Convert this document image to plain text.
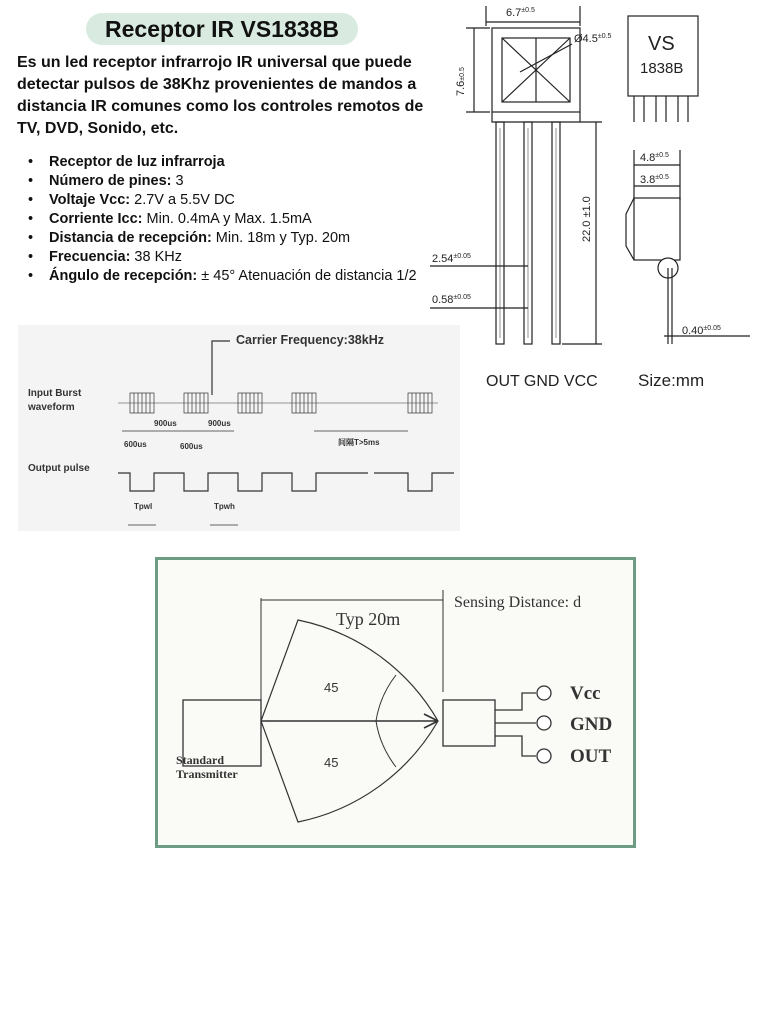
Receptor IR VS1838B
Es un led receptor infrarrojo IR universal que puede detectar pulsos de 38Khz provenientes de mandos a distancia IR comunes como los controles remotos de TV, DVD, Sonido, etc.
• Receptor de luz infrarroja
• Número de pines: 3
• Voltaje Vcc: 2.7V a 5.5V DC
• Corriente Icc: Min. 0.4mA y Max. 1.5mA
• Distancia de recepción: Min. 18m y Typ. 20m
• Frecuencia: 38 KHz
• Ángulo de recepción: ± 45° Atenuación de distancia 1/2
$6.7^{\pm 0.5}$
$Ø4.5^{\pm 0.5}$
7.6±0.5
22.0 ±1.0
$2.54^{\pm 0.05}$
$0.58^{\pm 0.05}$
$4.8^{\pm 0.5}$
$3.8^{\pm 0.5}$
$0.40^{\pm 0.05}$
VS
1838B
OUT GND VCC Size:mm
Carrier Frequency:38kHz
Input Burst
waveform
900us	900us
600us	600us	间隔T>5ms
Output pulse
Tpwl	Tpwh
Typ 20m
Sensing Distance: d
45
45
Standard
Transmitter
Vcc
GND
OUT
